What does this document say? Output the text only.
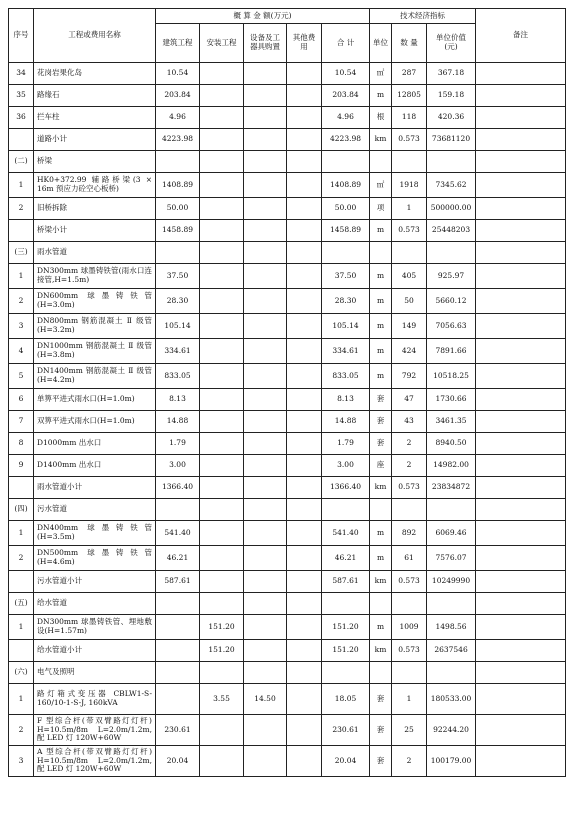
序号	工程或费用名称	概 算 金 额(万元)					技术经济指标			备注
		建筑工程	安装工程	设备及工器具购置	其他费用	合 计	单位	数 量	单位价值(元)	
34	花岗岩果化岛	10.54				10.54	㎡	287	367.18	
35	路缘石	203.84				203.84	m	12805	159.18	
36	拦车柱	4.96				4.96	根	118	420.36	
	道路小计	4223.98				4223.98	km	0.573	73681120	
(二)	桥梁									
1	HK0+372.99 辅路桥梁(3 × 16m 预应力砼空心板桥)	1408.89				1408.89	㎡	1918	7345.62	
2	旧桥拆除	50.00				50.00	项	1	500000.00	
	桥梁小计	1458.89				1458.89	m	0.573	25448203	
(三)	雨水管道									
1	DN300mm 球墨铸铁管(雨水口连接管,H=1.5m)	37.50				37.50	m	405	925.97	
2	DN600mm 球墨铸铁管(H=3.0m)	28.30				28.30	m	50	5660.12	
3	DN800mm 钢筋混凝土 Ⅱ 级管(H=3.2m)	105.14				105.14	m	149	7056.63	
4	DN1000mm 钢筋混凝土 Ⅱ 级管(H=3.8m)	334.61				334.61	m	424	7891.66	
5	DN1400mm 钢筋混凝土 Ⅱ 级管(H=4.2m)	833.05				833.05	m	792	10518.25	
6	单箅平进式雨水口(H=1.0m)	8.13				8.13	套	47	1730.66	
7	双箅平进式雨水口(H=1.0m)	14.88				14.88	套	43	3461.35	
8	D1000mm 出水口	1.79				1.79	套	2	8940.50	
9	D1400mm 出水口	3.00				3.00	座	2	14982.00	
	雨水管道小计	1366.40				1366.40	km	0.573	23834872	
(四)	污水管道									
1	DN400mm 球墨铸铁管(H=3.5m)	541.40				541.40	m	892	6069.46	
2	DN500mm 球墨铸铁管(H=4.6m)	46.21				46.21	m	61	7576.07	
	污水管道小计	587.61				587.61	km	0.573	10249990	
(五)	给水管道									
1	DN300mm 球墨铸铁管、埋地敷设(H=1.57m)		151.20			151.20	m	1009	1498.56	
	给水管道小计		151.20			151.20	km	0.573	2637546	
(六)	电气及照明									
1	路灯箱式变压器 CBLW1-S-160/10-1-S-J, 160kVA		3.55	14.50		18.05	套	1	180533.00	
2	F 型综合杆(带双臂路灯灯杆) H=10.5m/8m L=2.0m/1.2m, 配 LED 灯 120W+60W	230.61				230.61	套	25	92244.20	
3	A 型综合杆(带双臂路灯灯杆) H=10.5m/8m L=2.0m/1.2m, 配 LED 灯 120W+60W	20.04				20.04	套	2	100179.00	
